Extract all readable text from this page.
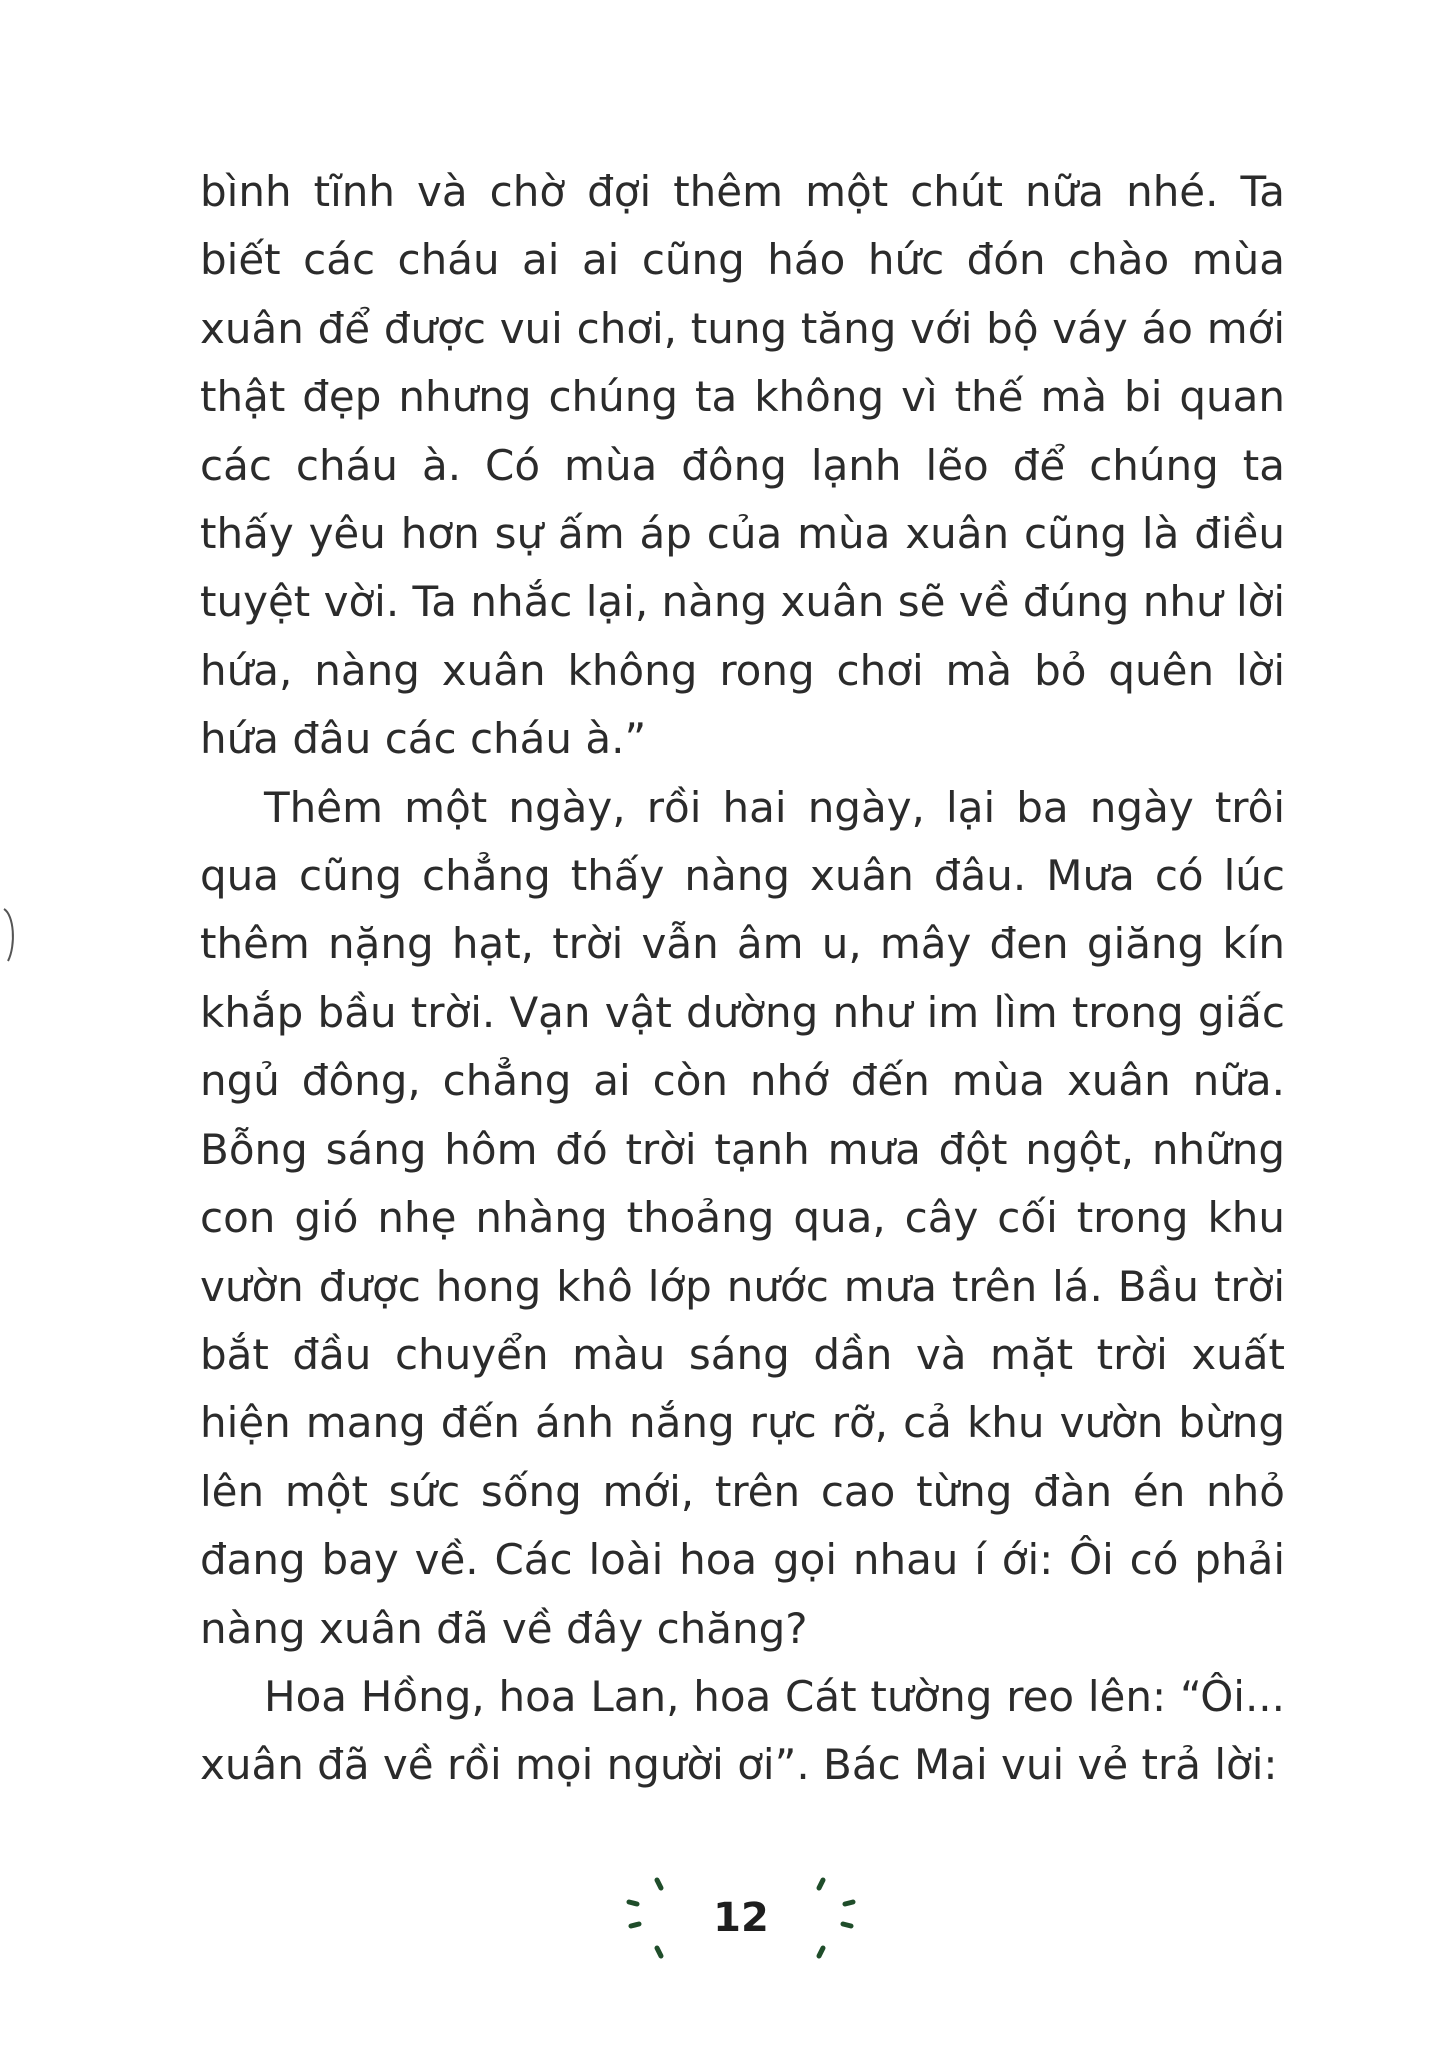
bình tĩnh và chờ đợi thêm một chút nữa nhé. Ta biết các cháu ai ai cũng háo hức đón chào mùa xuân để được vui chơi, tung tăng với bộ váy áo mới thật đẹp nhưng chúng ta không vì thế mà bi quan các cháu à. Có mùa đông lạnh lẽo để chúng ta thấy yêu hơn sự ấm áp của mùa xuân cũng là điều tuyệt vời. Ta nhắc lại, nàng xuân sẽ về đúng như lời hứa, nàng xuân không rong chơi mà bỏ quên lời hứa đâu các cháu à.”

Thêm một ngày, rồi hai ngày, lại ba ngày trôi qua cũng chẳng thấy nàng xuân đâu. Mưa có lúc thêm nặng hạt, trời vẫn âm u, mây đen giăng kín khắp bầu trời. Vạn vật dường như im lìm trong giấc ngủ đông, chẳng ai còn nhớ đến mùa xuân nữa. Bỗng sáng hôm đó trời tạnh mưa đột ngột, những con gió nhẹ nhàng thoảng qua, cây cối trong khu vườn được hong khô lớp nước mưa trên lá. Bầu trời bắt đầu chuyển màu sáng dần và mặt trời xuất hiện mang đến ánh nắng rực rỡ, cả khu vườn bừng lên một sức sống mới, trên cao từng đàn én nhỏ đang bay về. Các loài hoa gọi nhau í ới: Ôi có phải nàng xuân đã về đây chăng?

Hoa Hồng, hoa Lan, hoa Cát tường reo lên: “Ôi... xuân đã về rồi mọi người ơi”. Bác Mai vui vẻ trả lời:

12
